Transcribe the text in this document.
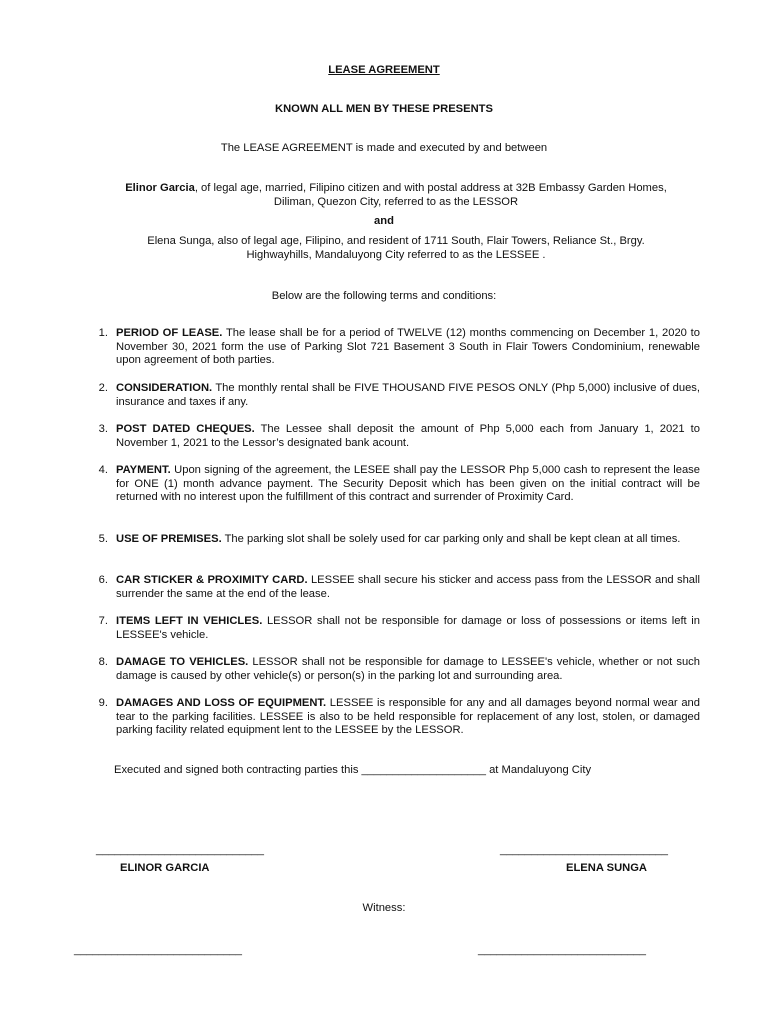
LEASE AGREEMENT
KNOWN ALL MEN BY THESE PRESENTS
The LEASE AGREEMENT is made and executed by and between
Elinor Garcia, of legal age, married, Filipino citizen and with postal address at 32B Embassy Garden Homes,
Diliman, Quezon City, referred to as the LESSOR
and
Elena Sunga, also of legal age, Filipino, and resident of 1711 South, Flair Towers, Reliance St., Brgy.
Highwayhills, Mandaluyong City referred to as the LESSEE .
Below are the following terms and conditions:
1. PERIOD OF LEASE. The lease shall be for a period of TWELVE (12) months commencing on December 1, 2020 to November 30, 2021 form the use of Parking Slot 721 Basement 3 South in Flair Towers Condominium, renewable upon agreement of both parties.
2. CONSIDERATION. The monthly rental shall be FIVE THOUSAND FIVE PESOS ONLY (Php 5,000) inclusive of dues, insurance and taxes if any.
3. POST DATED CHEQUES. The Lessee shall deposit the amount of Php 5,000 each from January 1, 2021 to November 1, 2021 to the Lessor’s designated bank acount.
4. PAYMENT. Upon signing of the agreement, the LESEE shall pay the LESSOR Php 5,000 cash to represent the lease for ONE (1) month advance payment. The Security Deposit which has been given on the initial contract will be returned with no interest upon the fulfillment of this contract and surrender of Proximity Card.
5. USE OF PREMISES. The parking slot shall be solely used for car parking only and shall be kept clean at all times.
6. CAR STICKER & PROXIMITY CARD. LESSEE shall secure his sticker and access pass from the LESSOR and shall surrender the same at the end of the lease.
7. ITEMS LEFT IN VEHICLES. LESSOR shall not be responsible for damage or loss of possessions or items left in LESSEE's vehicle.
8. DAMAGE TO VEHICLES. LESSOR shall not be responsible for damage to LESSEE's vehicle, whether or not such damage is caused by other vehicle(s) or person(s) in the parking lot and surrounding area.
9. DAMAGES AND LOSS OF EQUIPMENT. LESSEE is responsible for any and all damages beyond normal wear and tear to the parking facilities. LESSEE is also to be held responsible for replacement of any lost, stolen, or damaged parking facility related equipment lent to the LESSEE by the LESSOR.
Executed and signed both contracting parties this ____________________ at Mandaluyong City
___________________________
ELINOR GARCIA
___________________________
ELENA SUNGA
Witness:
___________________________	___________________________
